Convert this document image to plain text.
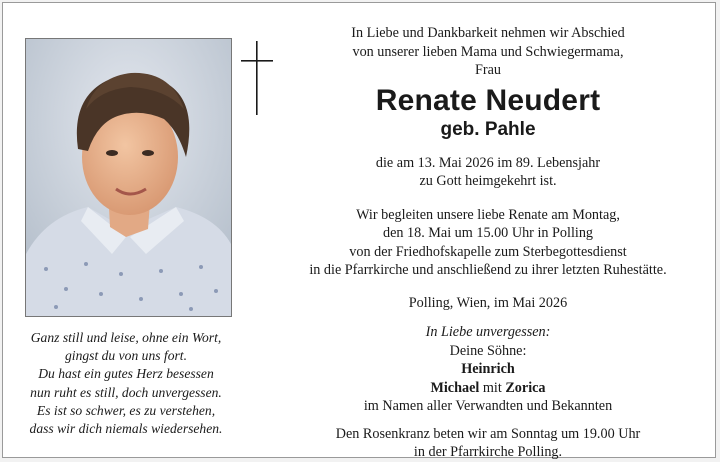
Ganz still und leise, ohne ein Wort,
gingst du von uns fort.
Du hast ein gutes Herz besessen
nun ruht es still, doch unvergessen.
Es ist so schwer, es zu verstehen,
dass wir dich niemals wiedersehen.
In Liebe und Dankbarkeit nehmen wir Abschied
von unserer lieben Mama und Schwiegermama,
Frau
Renate Neudert
geb. Pahle
die am 13. Mai 2026 im 89. Lebensjahr
zu Gott heimgekehrt ist.
Wir begleiten unsere liebe Renate am Montag,
den 18. Mai um 15.00 Uhr in Polling
von der Friedhofskapelle zum Sterbegottesdienst
in die Pfarrkirche und anschließend zu ihrer letzten Ruhestätte.
Polling, Wien, im Mai 2026
In Liebe unvergessen:
Deine Söhne:
Heinrich
Michael mit Zorica
im Namen aller Verwandten und Bekannten
Den Rosenkranz beten wir am Sonntag um 19.00 Uhr
in der Pfarrkirche Polling.
